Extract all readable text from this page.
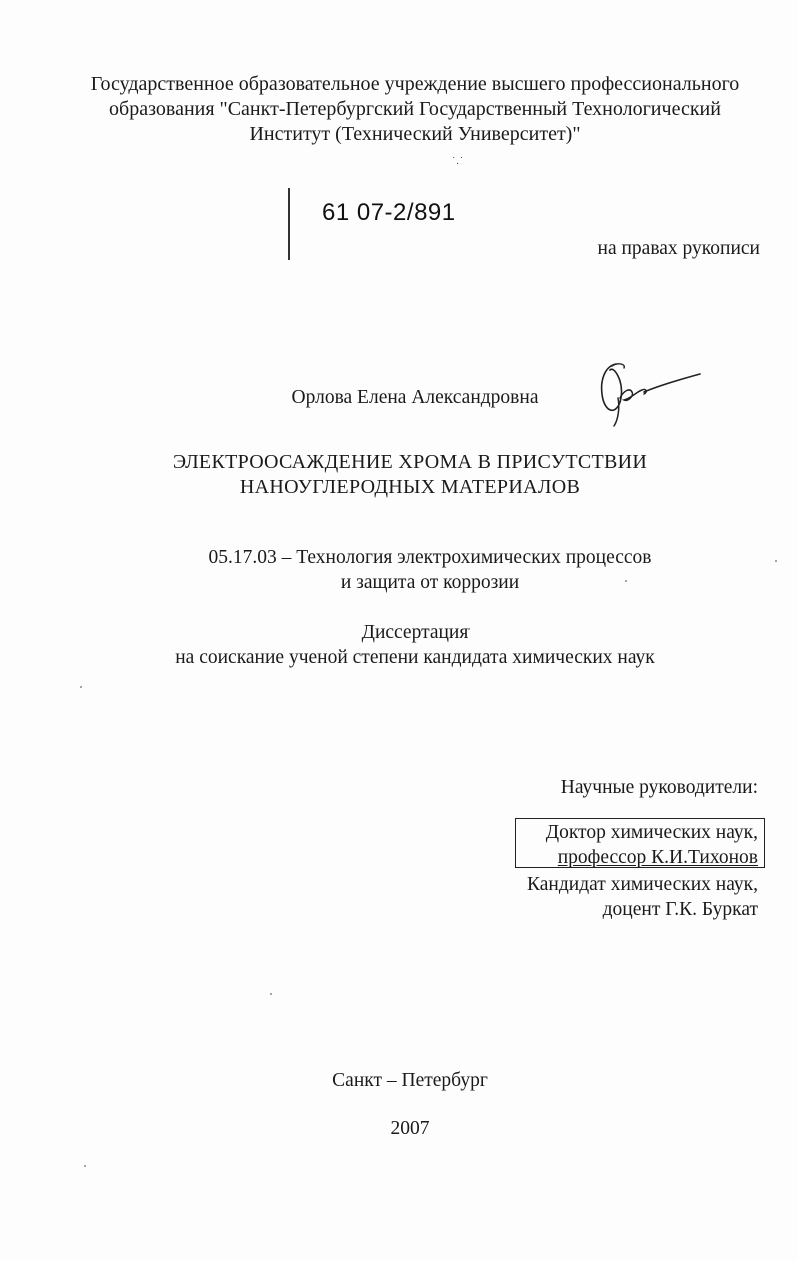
Государственное образовательное учреждение высшего профессионального
образования "Санкт-Петербургский Государственный Технологический
Институт (Технический Университет)"
˙.˙
61 07-2/891
на правах рукописи
Орлова Елена Александровна
ЭЛЕКТРООСАЖДЕНИЕ ХРОМА В ПРИСУТСТВИИ
НАНОУГЛЕРОДНЫХ МАТЕРИАЛОВ
05.17.03 – Технология электрохимических процессов
и защита от коррозии
Диссертация
на соискание ученой степени кандидата химических наук
Научные руководители:
Доктор химических наук,
профессор К.И.Тихонов
Кандидат химических наук,
доцент Г.К. Буркат
Санкт – Петербург
2007
